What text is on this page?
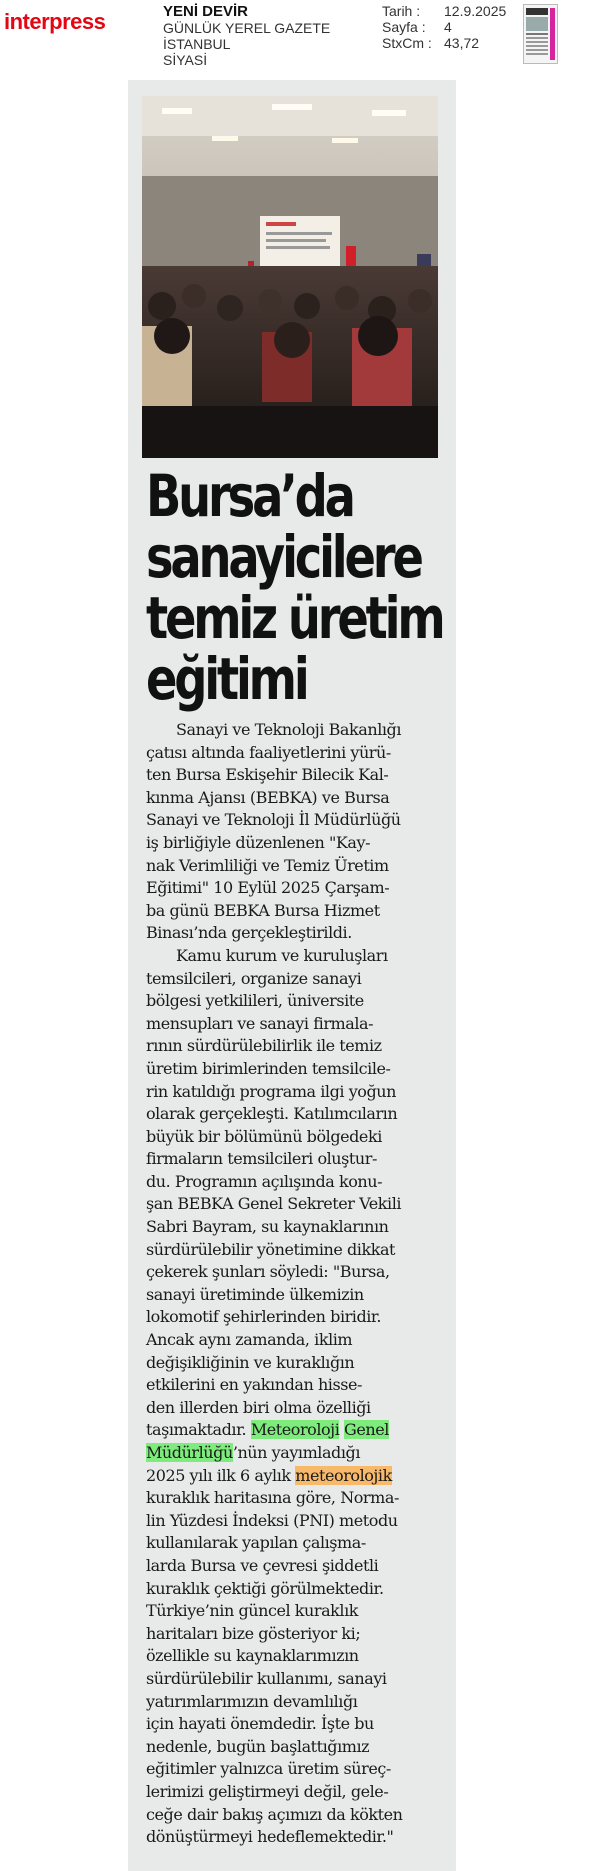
interpress	YENİ DEVİR
GÜNLÜK YEREL GAZETE
İSTANBUL
SİYASİ
Tarih :	12.9.2025
Sayfa :	4
StxCm : 43,72
Bursa’da
sanayicilere
temiz üretim
eğitimi
Sanayi ve Teknoloji Bakanlığı
çatısı altında faaliyetlerini yürü-
ten Bursa Eskişehir Bilecik Kal-
kınma Ajansı (BEBKA) ve Bursa
Sanayi ve Teknoloji İl Müdürlüğü
iş birliğiyle düzenlenen "Kay-
nak Verimliliği ve Temiz Üretim
Eğitimi" 10 Eylül 2025 Çarşam-
ba günü BEBKA Bursa Hizmet
Binası’nda gerçekleştirildi.
Kamu kurum ve kuruluşları
temsilcileri, organize sanayi
bölgesi yetkilileri, üniversite
mensupları ve sanayi firmala-
rının sürdürülebilirlik ile temiz
üretim birimlerinden temsilcile-
rin katıldığı programa ilgi yoğun
olarak gerçekleşti. Katılımcıların
büyük bir bölümünü bölgedeki
firmaların temsilcileri oluştur-
du. Programın açılışında konu-
şan BEBKA Genel Sekreter Vekili
Sabri Bayram, su kaynaklarının
sürdürülebilir yönetimine dikkat
çekerek şunları söyledi: "Bursa,
sanayi üretiminde ülkemizin
lokomotif şehirlerinden biridir.
Ancak aynı zamanda, iklim
değişikliğinin ve kuraklığın
etkilerini en yakından hisse-
den illerden biri olma özelliği
taşımaktadır. Meteoroloji Genel
Müdürlüğü’nün yayımladığı
2025 yılı ilk 6 aylık meteorolojik
kuraklık haritasına göre, Norma-
lin Yüzdesi İndeksi (PNI) metodu
kullanılarak yapılan çalışma-
larda Bursa ve çevresi şiddetli
kuraklık çektiği görülmektedir.
Türkiye’nin güncel kuraklık
haritaları bize gösteriyor ki;
özellikle su kaynaklarımızın
sürdürülebilir kullanımı, sanayi
yatırımlarımızın devamlılığı
için hayati önemdedir. İşte bu
nedenle, bugün başlattığımız
eğitimler yalnızca üretim süreç-
lerimizi geliştirmeyi değil, gele-
ceğe dair bakış açımızı da kökten
dönüştürmeyi hedeflemektedir."
